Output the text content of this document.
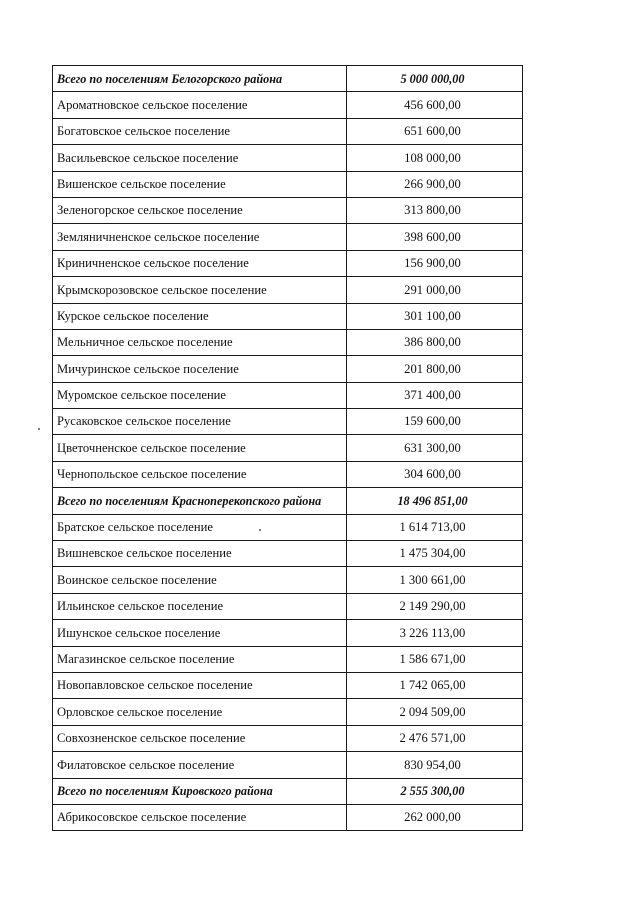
Всего по поселениям Белогорского района	5 000 000,00
Ароматновское сельское поселение	456 600,00
Богатовское сельское поселение	651 600,00
Васильевское сельское поселение	108 000,00
Вишенское сельское поселение	266 900,00
Зеленогорское сельское поселение	313 800,00
Земляничненское сельское поселение	398 600,00
Криничненское сельское поселение	156 900,00
Крымскорозовское сельское поселение	291 000,00
Курское сельское поселение	301 100,00
Мельничное сельское поселение	386 800,00
Мичуринское сельское поселение	201 800,00
Муромское сельское поселение	371 400,00
Русаковское сельское поселение	159 600,00
Цветочненское сельское поселение	631 300,00
Чернопольское сельское поселение	304 600,00
Всего по поселениям Красноперекопского района	18 496 851,00
Братское сельское поселение	1 614 713,00
Вишневское сельское поселение	1 475 304,00
Воинское сельское поселение	1 300 661,00
Ильинское сельское поселение	2 149 290,00
Ишунское сельское поселение	3 226 113,00
Магазинское сельское поселение	1 586 671,00
Новопавловское сельское поселение	1 742 065,00
Орловское сельское поселение	2 094 509,00
Совхозненское сельское поселение	2 476 571,00
Филатовское сельское поселение	830 954,00
Всего по поселениям Кировского района	2 555 300,00
Абрикосовское сельское поселение	262 000,00
